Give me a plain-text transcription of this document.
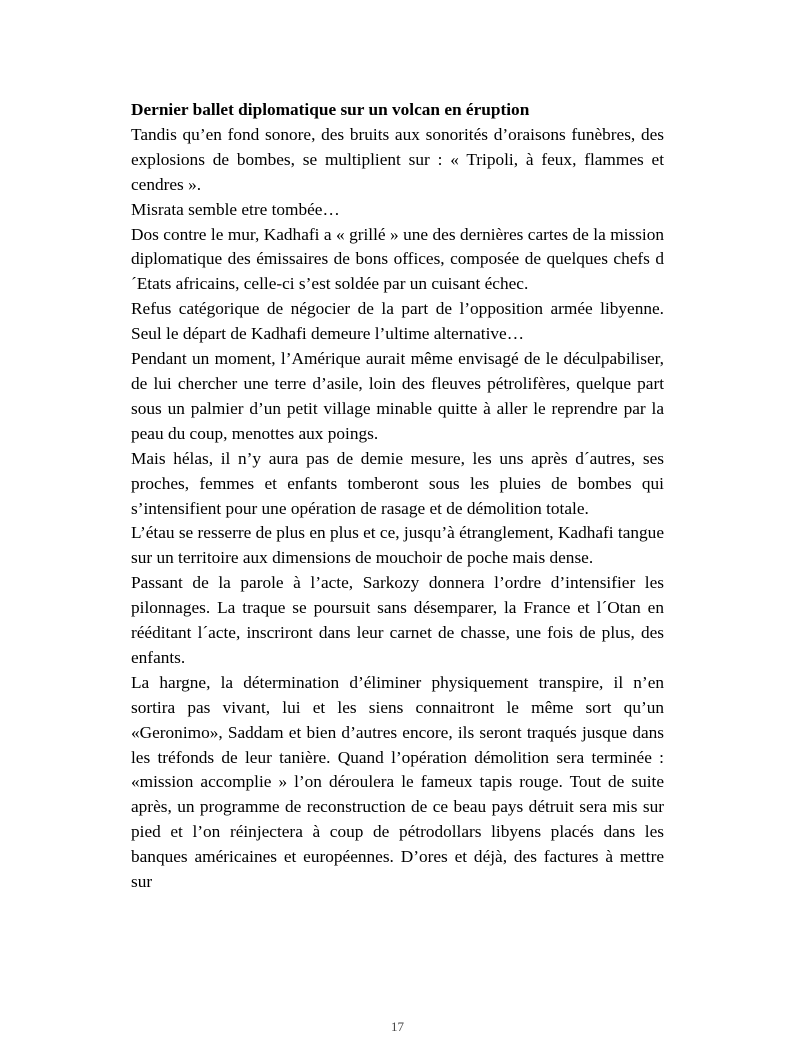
Dernier ballet diplomatique sur un volcan en éruption

Tandis qu’en fond sonore, des bruits aux sonorités d’oraisons funèbres, des explosions de bombes, se multiplient sur : « Tripoli, à feux, flammes et cendres ».

Misrata semble etre tombée…

Dos contre le mur, Kadhafi a « grillé » une des dernières cartes de la mission diplomatique des émissaires de bons offices, composée de quelques chefs d´Etats africains, celle-ci s’est soldée par un cuisant échec.

Refus catégorique de négocier de la part de l’opposition armée libyenne. Seul le départ de Kadhafi demeure l’ultime alternative…

Pendant un moment, l’Amérique aurait même envisagé de le déculpabiliser, de lui chercher une terre d’asile, loin des fleuves pétrolifères, quelque part sous un palmier d’un petit village minable quitte à aller le reprendre par la peau du coup, menottes aux poings.

Mais hélas, il n’y aura pas de demie mesure, les uns après d´autres, ses proches, femmes et enfants tomberont sous les pluies de bombes qui s’intensifient pour une opération de rasage et de démolition totale.

L’étau se resserre de plus en plus et ce, jusqu’à étranglement, Kadhafi tangue sur un territoire aux dimensions de mouchoir de poche mais dense.

Passant de la parole à l’acte, Sarkozy donnera l’ordre d’intensifier les pilonnages. La traque se poursuit sans désemparer, la France et l´Otan en rééditant l´acte, inscriront dans leur carnet de chasse, une fois de plus, des enfants.

La hargne, la détermination d’éliminer physiquement transpire, il n’en sortira pas vivant, lui et les siens connaitront le même sort qu’un «Geronimo», Saddam et bien d’autres encore, ils seront traqués jusque dans les tréfonds de leur tanière. Quand l’opération démolition sera terminée : «mission accomplie » l’on déroulera le fameux tapis rouge. Tout de suite après, un programme de reconstruction de ce beau pays détruit sera mis sur pied et l’on réinjectera à coup de pétrodollars libyens placés dans les banques américaines et européennes. D’ores et déjà, des factures à mettre sur

17
